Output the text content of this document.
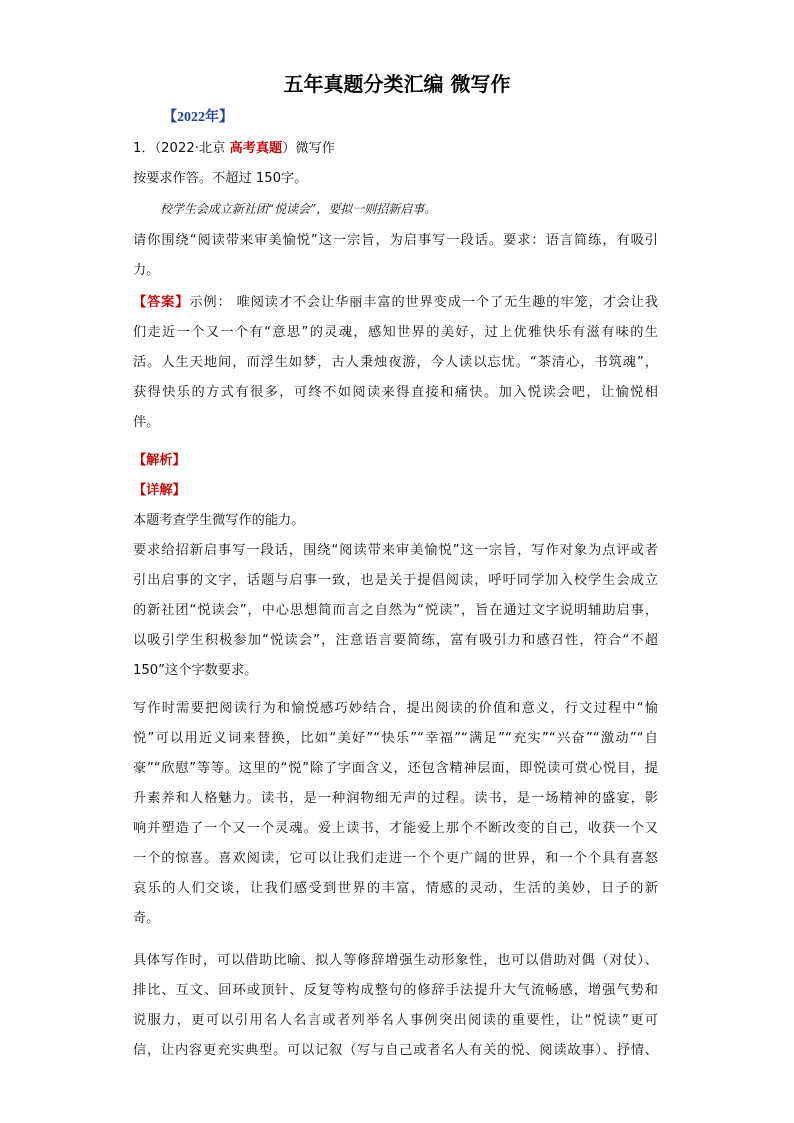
五年真题分类汇编 微写作
【2022年】
1．（2022·北京 高考真题）微写作
按要求作答。不超过 150字。
校学生会成立新社团“悦读会”，要拟一则招新启事。
请你围绕“阅读带来审美愉悦”这一宗旨，为启事写一段话。要求：语言简练，有吸引
力。
【答案】示例： 唯阅读才不会让华丽丰富的世界变成一个了无生趣的牢笼，才会让我
们走近一个又一个有“意思”的灵魂，感知世界的美好，过上优雅快乐有滋有味的生
活。人生天地间，而浮生如梦，古人秉烛夜游，今人读以忘忧。“茶清心，书筑魂”，
获得快乐的方式有很多，可终不如阅读来得直接和痛快。加入悦读会吧，让愉悦相
伴。
【解析】
【详解】
本题考查学生微写作的能力。
要求给招新启事写一段话，围绕“阅读带来审美愉悦”这一宗旨，写作对象为点评或者
引出启事的文字，话题与启事一致，也是关于提倡阅读，呼吁同学加入校学生会成立
的新社团“悦读会”，中心思想简而言之自然为“悦读”，旨在通过文字说明辅助启事，
以吸引学生积极参加“悦读会”，注意语言要简练，富有吸引力和感召性，符合“不超
150”这个字数要求。
写作时需要把阅读行为和愉悦感巧妙结合，提出阅读的价值和意义，行文过程中“愉
悦”可以用近义词来替换，比如“美好”“快乐”“幸福”“满足”“充实”“兴奋”“激动”“自
豪”“欣慰”等等。这里的“悦”除了字面含义，还包含精神层面，即悦读可赏心悦目，提
升素养和人格魅力。读书，是一种润物细无声的过程。读书，是一场精神的盛宴，影
响并塑造了一个又一个灵魂。爱上读书，才能爱上那个不断改变的自己，收获一个又
一个的惊喜。喜欢阅读，它可以让我们走进一个个更广阔的世界，和一个个具有喜怒
哀乐的人们交谈，让我们感受到世界的丰富，情感的灵动，生活的美妙，日子的新
奇。
具体写作时，可以借助比喻、拟人等修辞增强生动形象性，也可以借助对偶（对仗）、
排比、互文、回环或顶针、反复等构成整句的修辞手法提升大气流畅感，增强气势和
说服力，更可以引用名人名言或者列举名人事例突出阅读的重要性，让“悦读”更可
信，让内容更充实典型。可以记叙（写与自己或者名人有关的悦、阅读故事）、抒情、
